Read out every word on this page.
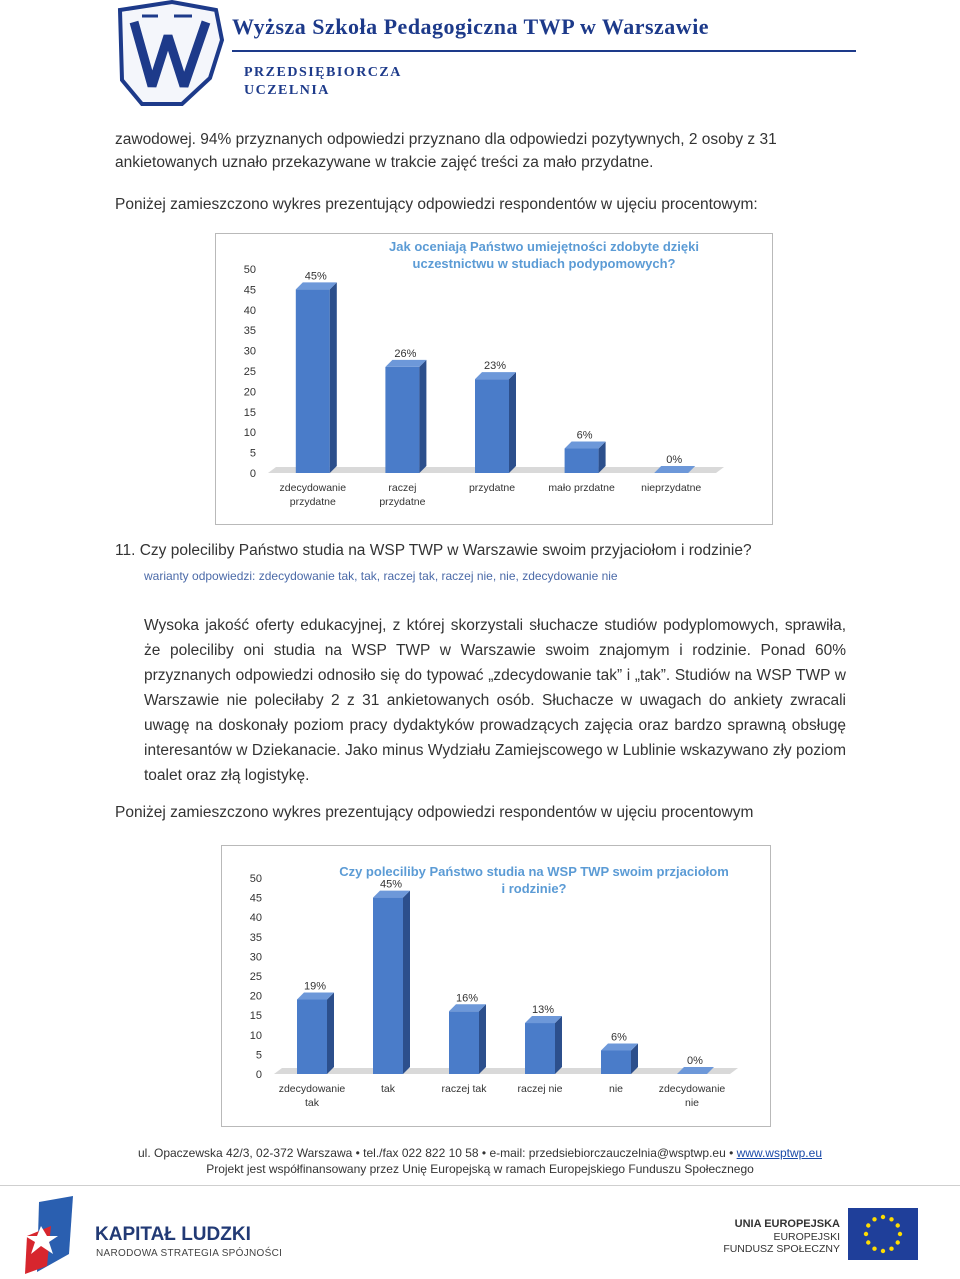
Wyższa Szkoła Pedagogiczna TWP w Warszawie
PRZEDSIĘBIORCZA
UCZELNIA
zawodowej. 94% przyznanych odpowiedzi przyznano dla odpowiedzi pozytywnych, 2 osoby z 31 ankietowanych uznało przekazywane w trakcie zajęć treści za mało przydatne.
Poniżej zamieszczono wykres prezentujący odpowiedzi respondentów w ujęciu procentowym:
Jak oceniają Państwo umiejętności zdobyte dzięki
uczestnictwu w studiach podypomowych?
0
5
10
15
20
25
30
35
40
45
50
45%
zdecydowanie
przydatne
26%
raczej
przydatne
23%
przydatne
6%
mało przdatne
0%
nieprzydatne
11. Czy poleciliby Państwo studia na WSP TWP w Warszawie swoim przyjaciołom i rodzinie?
warianty odpowiedzi: zdecydowanie tak, tak, raczej tak, raczej nie, nie, zdecydowanie nie
Wysoka jakość oferty edukacyjnej, z której skorzystali słuchacze studiów podyplomowych, sprawiła, że poleciliby oni studia na WSP TWP w Warszawie swoim znajomym i rodzinie. Ponad 60% przyznanych odpowiedzi odnosiło się do typować „zdecydowanie tak” i „tak”. Studiów na WSP TWP w Warszawie nie poleciłaby 2 z 31 ankietowanych osób. Słuchacze w uwagach do ankiety zwracali uwagę na doskonały poziom pracy dydaktyków prowadzących zajęcia oraz bardzo sprawną obsługę interesantów w Dziekanacie. Jako minus Wydziału Zamiejscowego w Lublinie wskazywano zły poziom toalet oraz złą logistykę.
Poniżej zamieszczono wykres prezentujący odpowiedzi respondentów w ujęciu procentowym
Czy poleciliby Państwo studia na WSP TWP swoim przjaciołom
i rodzinie?
0
5
10
15
20
25
30
35
40
45
50
19%
zdecydowanie
tak
45%
tak
16%
raczej tak
13%
raczej nie
6%
nie
0%
zdecydowanie
nie
ul. Opaczewska 42/3, 02-372 Warszawa • tel./fax 022 822 10 58 • e-mail: przedsiebiorczauczelnia@wsptwp.eu • www.wsptwp.eu
Projekt jest współfinansowany przez Unię Europejską w ramach Europejskiego Funduszu Społecznego
KAPITAŁ LUDZKI
NARODOWA STRATEGIA SPÓJNOŚCI
UNIA EUROPEJSKA
EUROPEJSKI
FUNDUSZ SPOŁECZNY
